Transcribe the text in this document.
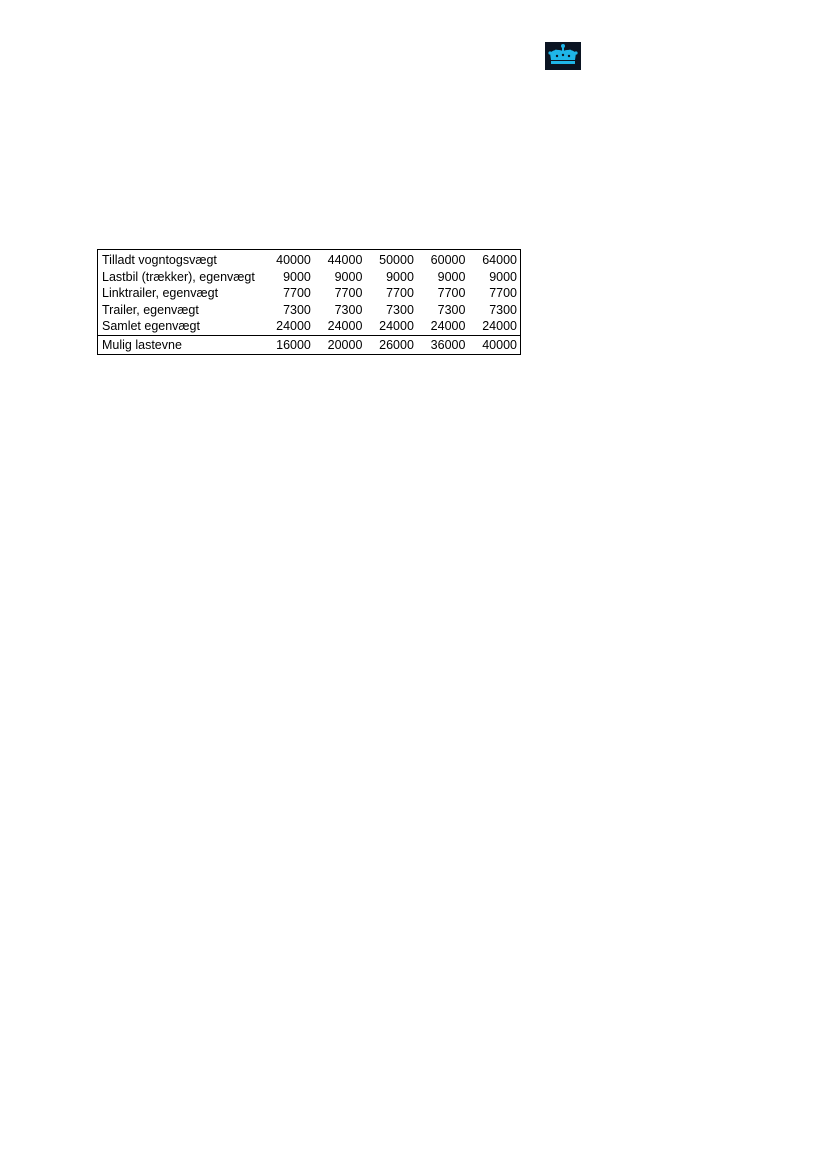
Tilladt vogntogsvægt	40000	44000	50000	60000	64000
Lastbil (trækker), egenvægt	9000	9000	9000	9000	9000
Linktrailer, egenvægt	7700	7700	7700	7700	7700
Trailer, egenvægt	7300	7300	7300	7300	7300
Samlet egenvægt	24000	24000	24000	24000	24000
Mulig lastevne	16000	20000	26000	36000	40000
